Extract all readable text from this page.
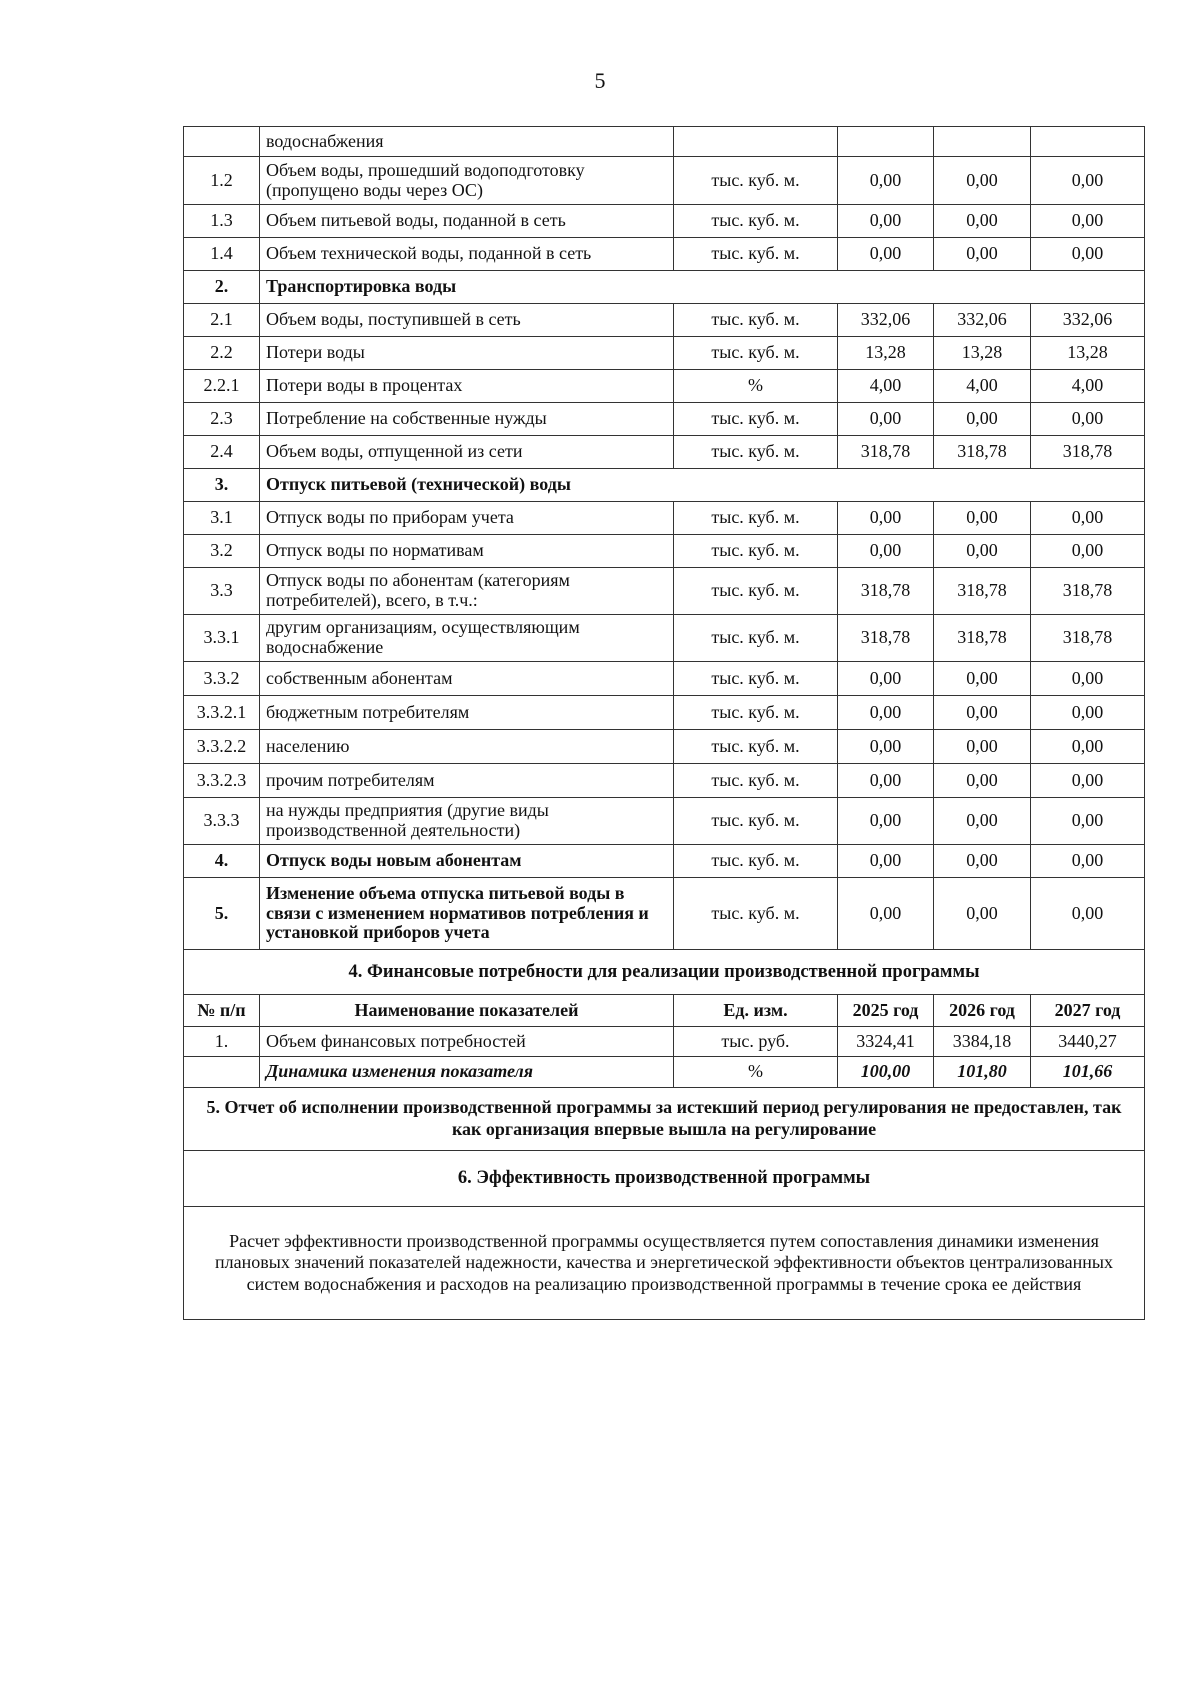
5
	водоснабжения				
1.2	Объем воды, прошедший водоподготовку (пропущено воды через ОС)	тыс. куб. м.	0,00	0,00	0,00
1.3	Объем питьевой воды, поданной в сеть	тыс. куб. м.	0,00	0,00	0,00
1.4	Объем технической воды, поданной в сеть	тыс. куб. м.	0,00	0,00	0,00
2.	Транспортировка воды				
2.1	Объем воды, поступившей в сеть	тыс. куб. м.	332,06	332,06	332,06
2.2	Потери воды	тыс. куб. м.	13,28	13,28	13,28
2.2.1	Потери воды в процентах	%	4,00	4,00	4,00
2.3	Потребление на собственные нужды	тыс. куб. м.	0,00	0,00	0,00
2.4	Объем воды, отпущенной из сети	тыс. куб. м.	318,78	318,78	318,78
3.	Отпуск питьевой (технической) воды				
3.1	Отпуск воды по приборам учета	тыс. куб. м.	0,00	0,00	0,00
3.2	Отпуск воды по нормативам	тыс. куб. м.	0,00	0,00	0,00
3.3	Отпуск воды по абонентам (категориям потребителей), всего, в т.ч.:	тыс. куб. м.	318,78	318,78	318,78
3.3.1	другим организациям, осуществляющим водоснабжение	тыс. куб. м.	318,78	318,78	318,78
3.3.2	собственным абонентам	тыс. куб. м.	0,00	0,00	0,00
3.3.2.1	бюджетным потребителям	тыс. куб. м.	0,00	0,00	0,00
3.3.2.2	населению	тыс. куб. м.	0,00	0,00	0,00
3.3.2.3	прочим потребителям	тыс. куб. м.	0,00	0,00	0,00
3.3.3	на нужды предприятия (другие виды производственной деятельности)	тыс. куб. м.	0,00	0,00	0,00
4.	Отпуск воды новым абонентам	тыс. куб. м.	0,00	0,00	0,00
5.	Изменение объема отпуска питьевой воды в связи с изменением нормативов потребления и установкой приборов учета	тыс. куб. м.	0,00	0,00	0,00
4. Финансовые потребности для реализации производственной программы					
№ п/п	Наименование показателей	Ед. изм.	2025 год	2026 год	2027 год
1.	Объем финансовых потребностей	тыс. руб.	3324,41	3384,18	3440,27
	Динамика изменения показателя	%	100,00	101,80	101,66
5. Отчет об исполнении производственной программы за истекший период регулирования не предоставлен, так как организация впервые вышла на регулирование					
6. Эффективность производственной программы					
Расчет эффективности производственной программы осуществляется путем сопоставления динамики изменения плановых значений показателей надежности, качества и энергетической эффективности объектов централизованных систем водоснабжения и расходов на реализацию производственной программы в течение срока ее действия					
